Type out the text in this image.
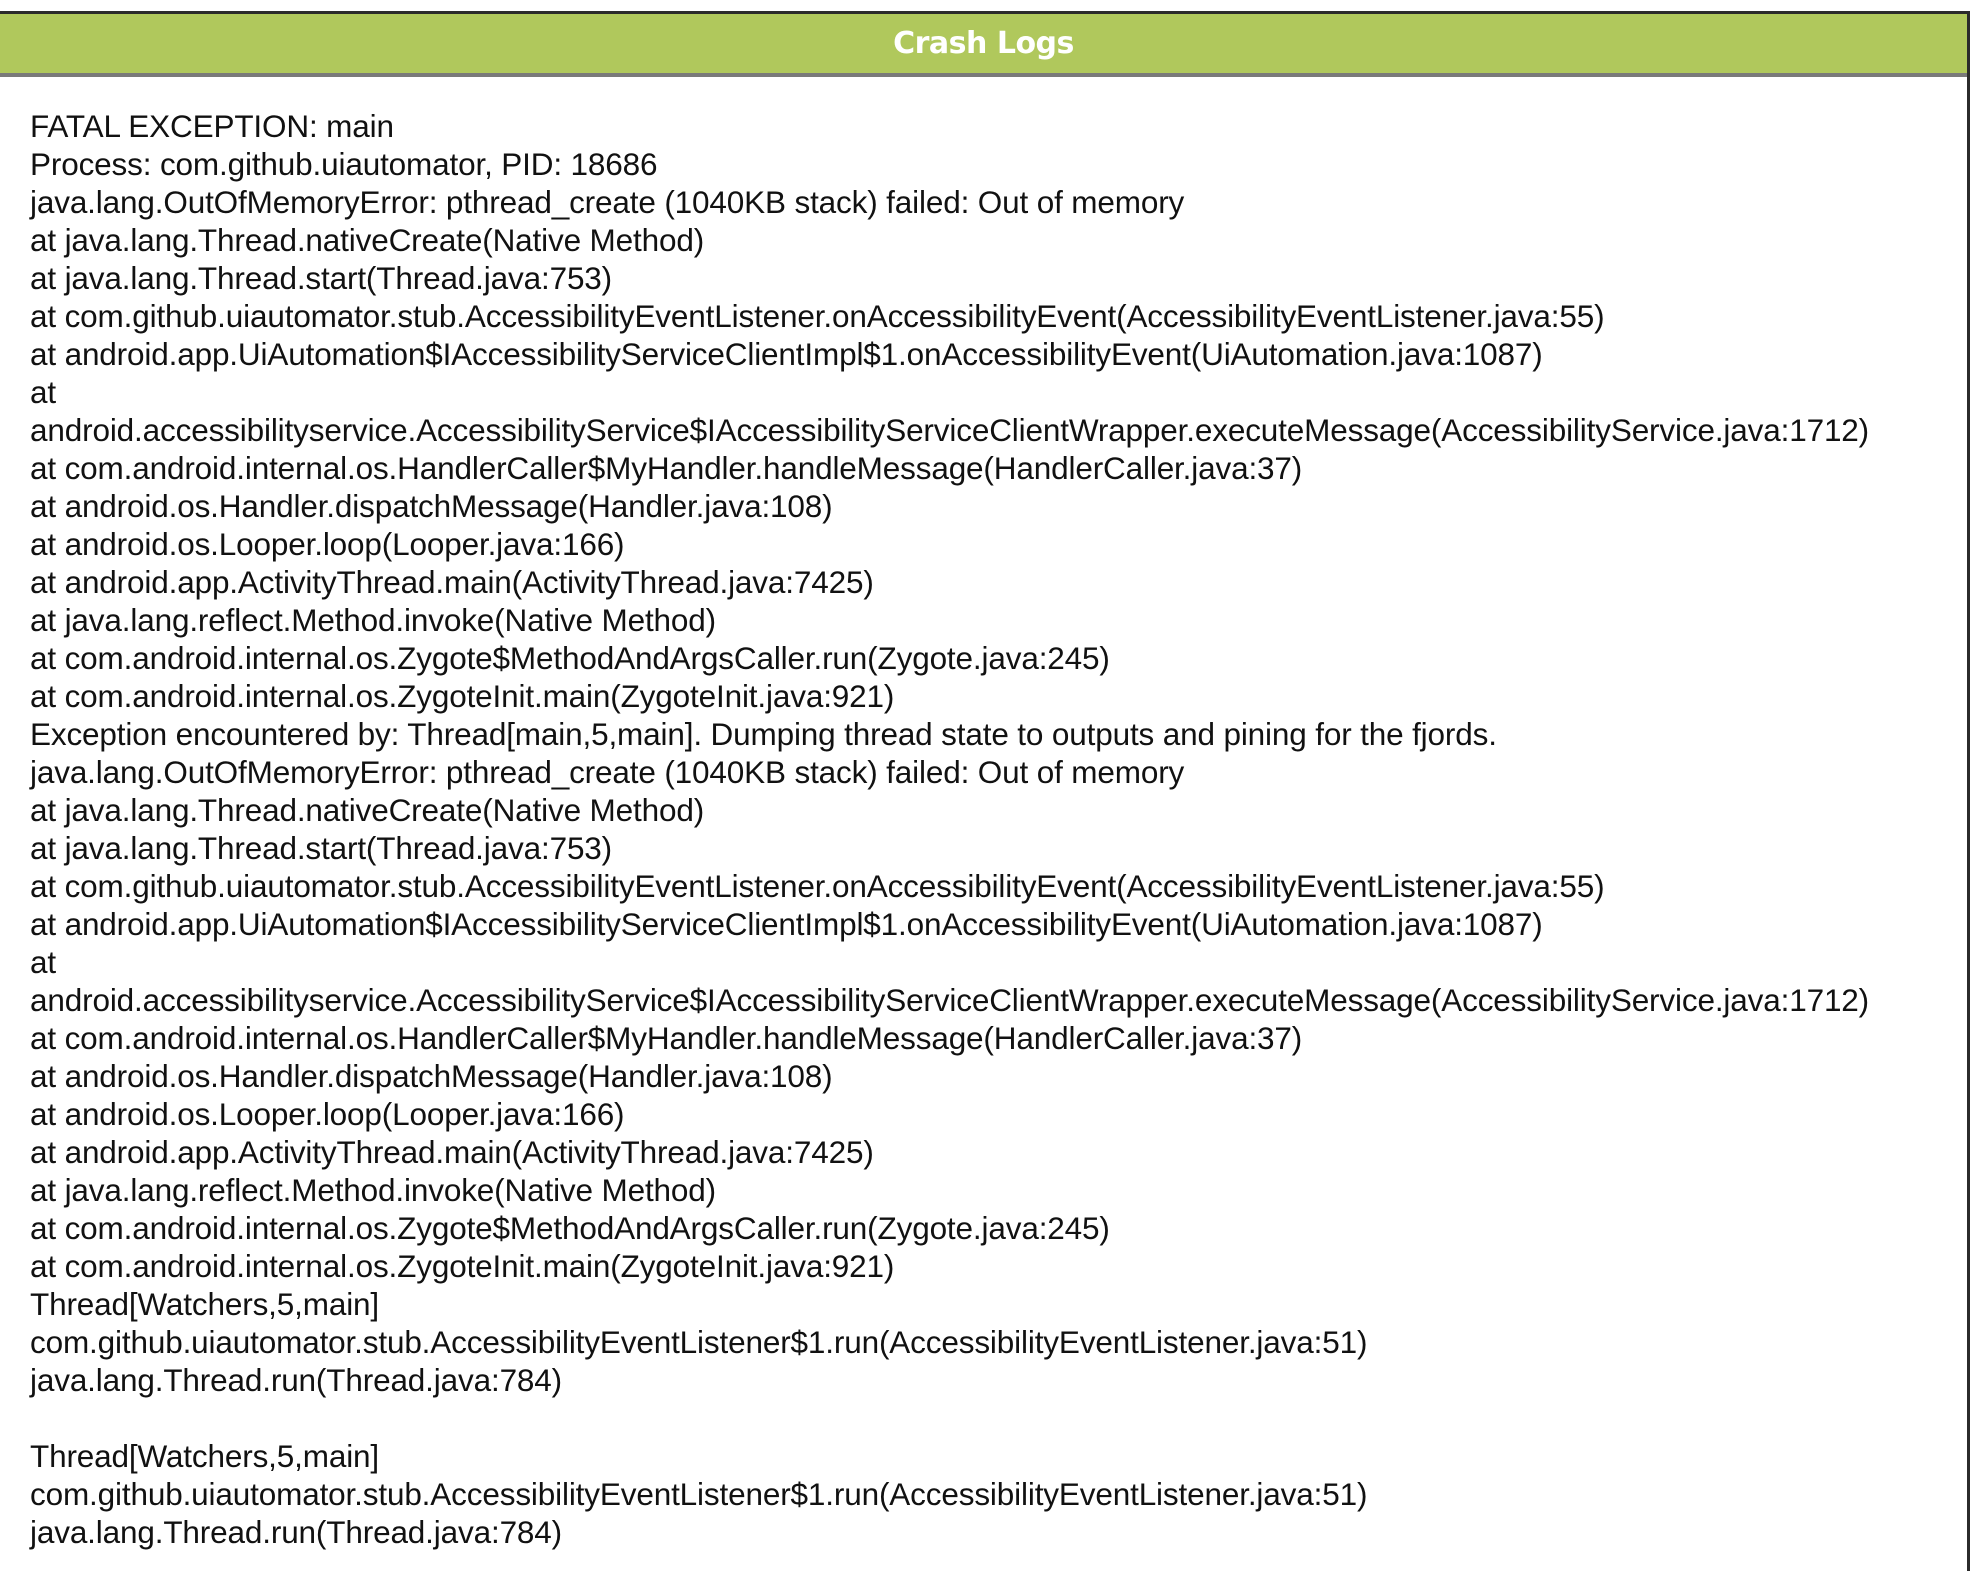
Crash Logs
FATAL EXCEPTION: main
Process: com.github.uiautomator, PID: 18686
java.lang.OutOfMemoryError: pthread_create (1040KB stack) failed: Out of memory
at java.lang.Thread.nativeCreate(Native Method)
at java.lang.Thread.start(Thread.java:753)
at com.github.uiautomator.stub.AccessibilityEventListener.onAccessibilityEvent(AccessibilityEventListener.java:55)
at android.app.UiAutomation$IAccessibilityServiceClientImpl$1.onAccessibilityEvent(UiAutomation.java:1087)
at
android.accessibilityservice.AccessibilityService$IAccessibilityServiceClientWrapper.executeMessage(AccessibilityService.java:1712)
at com.android.internal.os.HandlerCaller$MyHandler.handleMessage(HandlerCaller.java:37)
at android.os.Handler.dispatchMessage(Handler.java:108)
at android.os.Looper.loop(Looper.java:166)
at android.app.ActivityThread.main(ActivityThread.java:7425)
at java.lang.reflect.Method.invoke(Native Method)
at com.android.internal.os.Zygote$MethodAndArgsCaller.run(Zygote.java:245)
at com.android.internal.os.ZygoteInit.main(ZygoteInit.java:921)
Exception encountered by: Thread[main,5,main]. Dumping thread state to outputs and pining for the fjords.
java.lang.OutOfMemoryError: pthread_create (1040KB stack) failed: Out of memory
at java.lang.Thread.nativeCreate(Native Method)
at java.lang.Thread.start(Thread.java:753)
at com.github.uiautomator.stub.AccessibilityEventListener.onAccessibilityEvent(AccessibilityEventListener.java:55)
at android.app.UiAutomation$IAccessibilityServiceClientImpl$1.onAccessibilityEvent(UiAutomation.java:1087)
at
android.accessibilityservice.AccessibilityService$IAccessibilityServiceClientWrapper.executeMessage(AccessibilityService.java:1712)
at com.android.internal.os.HandlerCaller$MyHandler.handleMessage(HandlerCaller.java:37)
at android.os.Handler.dispatchMessage(Handler.java:108)
at android.os.Looper.loop(Looper.java:166)
at android.app.ActivityThread.main(ActivityThread.java:7425)
at java.lang.reflect.Method.invoke(Native Method)
at com.android.internal.os.Zygote$MethodAndArgsCaller.run(Zygote.java:245)
at com.android.internal.os.ZygoteInit.main(ZygoteInit.java:921)
Thread[Watchers,5,main]
com.github.uiautomator.stub.AccessibilityEventListener$1.run(AccessibilityEventListener.java:51)
java.lang.Thread.run(Thread.java:784)
Thread[Watchers,5,main]
com.github.uiautomator.stub.AccessibilityEventListener$1.run(AccessibilityEventListener.java:51)
java.lang.Thread.run(Thread.java:784)
